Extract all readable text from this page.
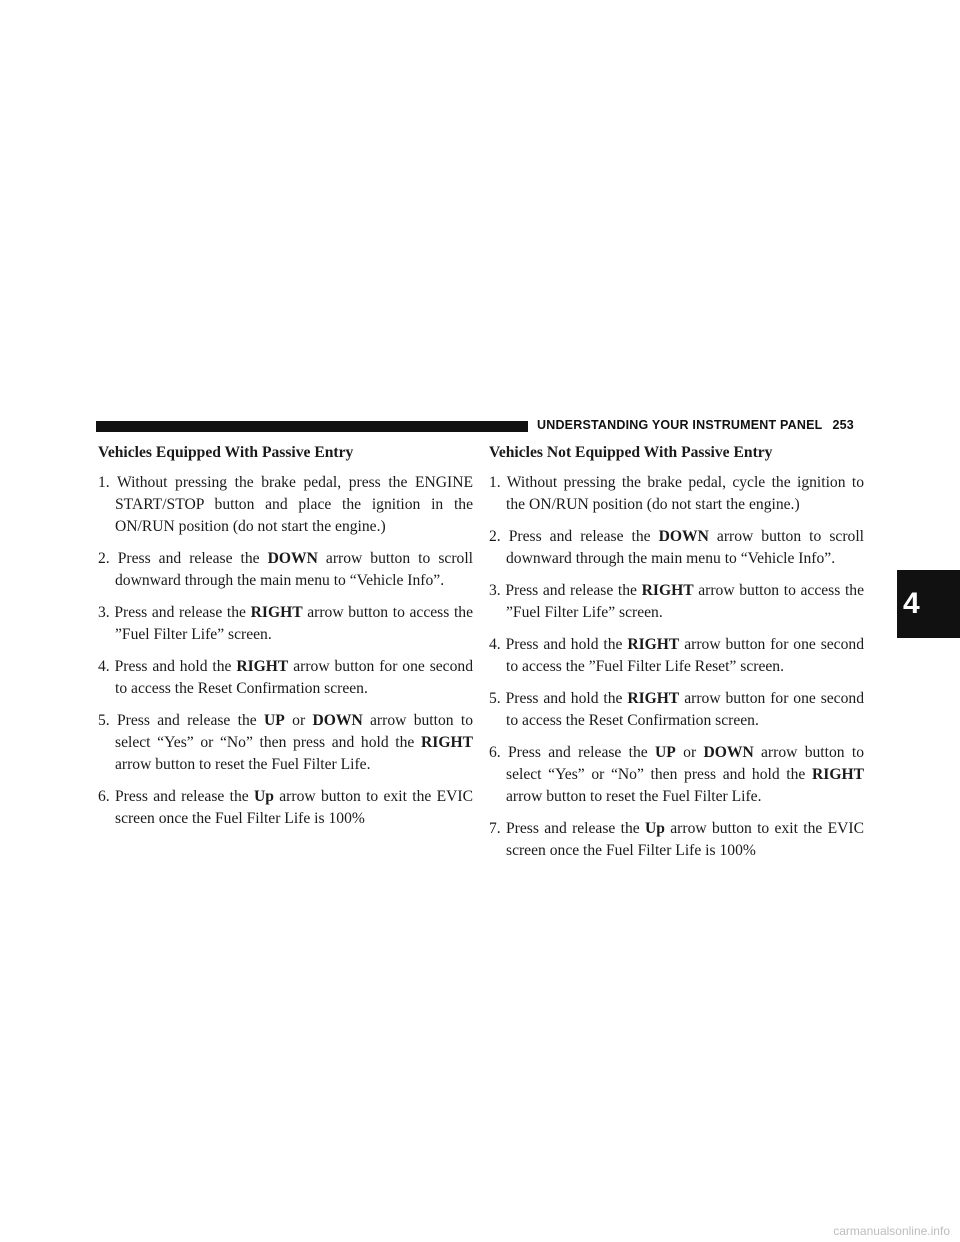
UNDERSTANDING YOUR INSTRUMENT PANEL 253
4
Vehicles Equipped With Passive Entry
1. Without pressing the brake pedal, press the ENGINE START/STOP button and place the ignition in the ON/RUN position (do not start the engine.)
2. Press and release the DOWN arrow button to scroll downward through the main menu to “Vehicle Info”.
3. Press and release the RIGHT arrow button to access the ”Fuel Filter Life” screen.
4. Press and hold the RIGHT arrow button for one second to access the Reset Confirmation screen.
5. Press and release the UP or DOWN arrow button to select “Yes” or “No” then press and hold the RIGHT arrow button to reset the Fuel Filter Life.
6. Press and release the Up arrow button to exit the EVIC screen once the Fuel Filter Life is 100%
Vehicles Not Equipped With Passive Entry
1. Without pressing the brake pedal, cycle the ignition to the ON/RUN position (do not start the engine.)
2. Press and release the DOWN arrow button to scroll downward through the main menu to “Vehicle Info”.
3. Press and release the RIGHT arrow button to access the ”Fuel Filter Life” screen.
4. Press and hold the RIGHT arrow button for one second to access the ”Fuel Filter Life Reset” screen.
5. Press and hold the RIGHT arrow button for one second to access the Reset Confirmation screen.
6. Press and release the UP or DOWN arrow button to select “Yes” or “No” then press and hold the RIGHT arrow button to reset the Fuel Filter Life.
7. Press and release the Up arrow button to exit the EVIC screen once the Fuel Filter Life is 100%
carmanualsonline.info
